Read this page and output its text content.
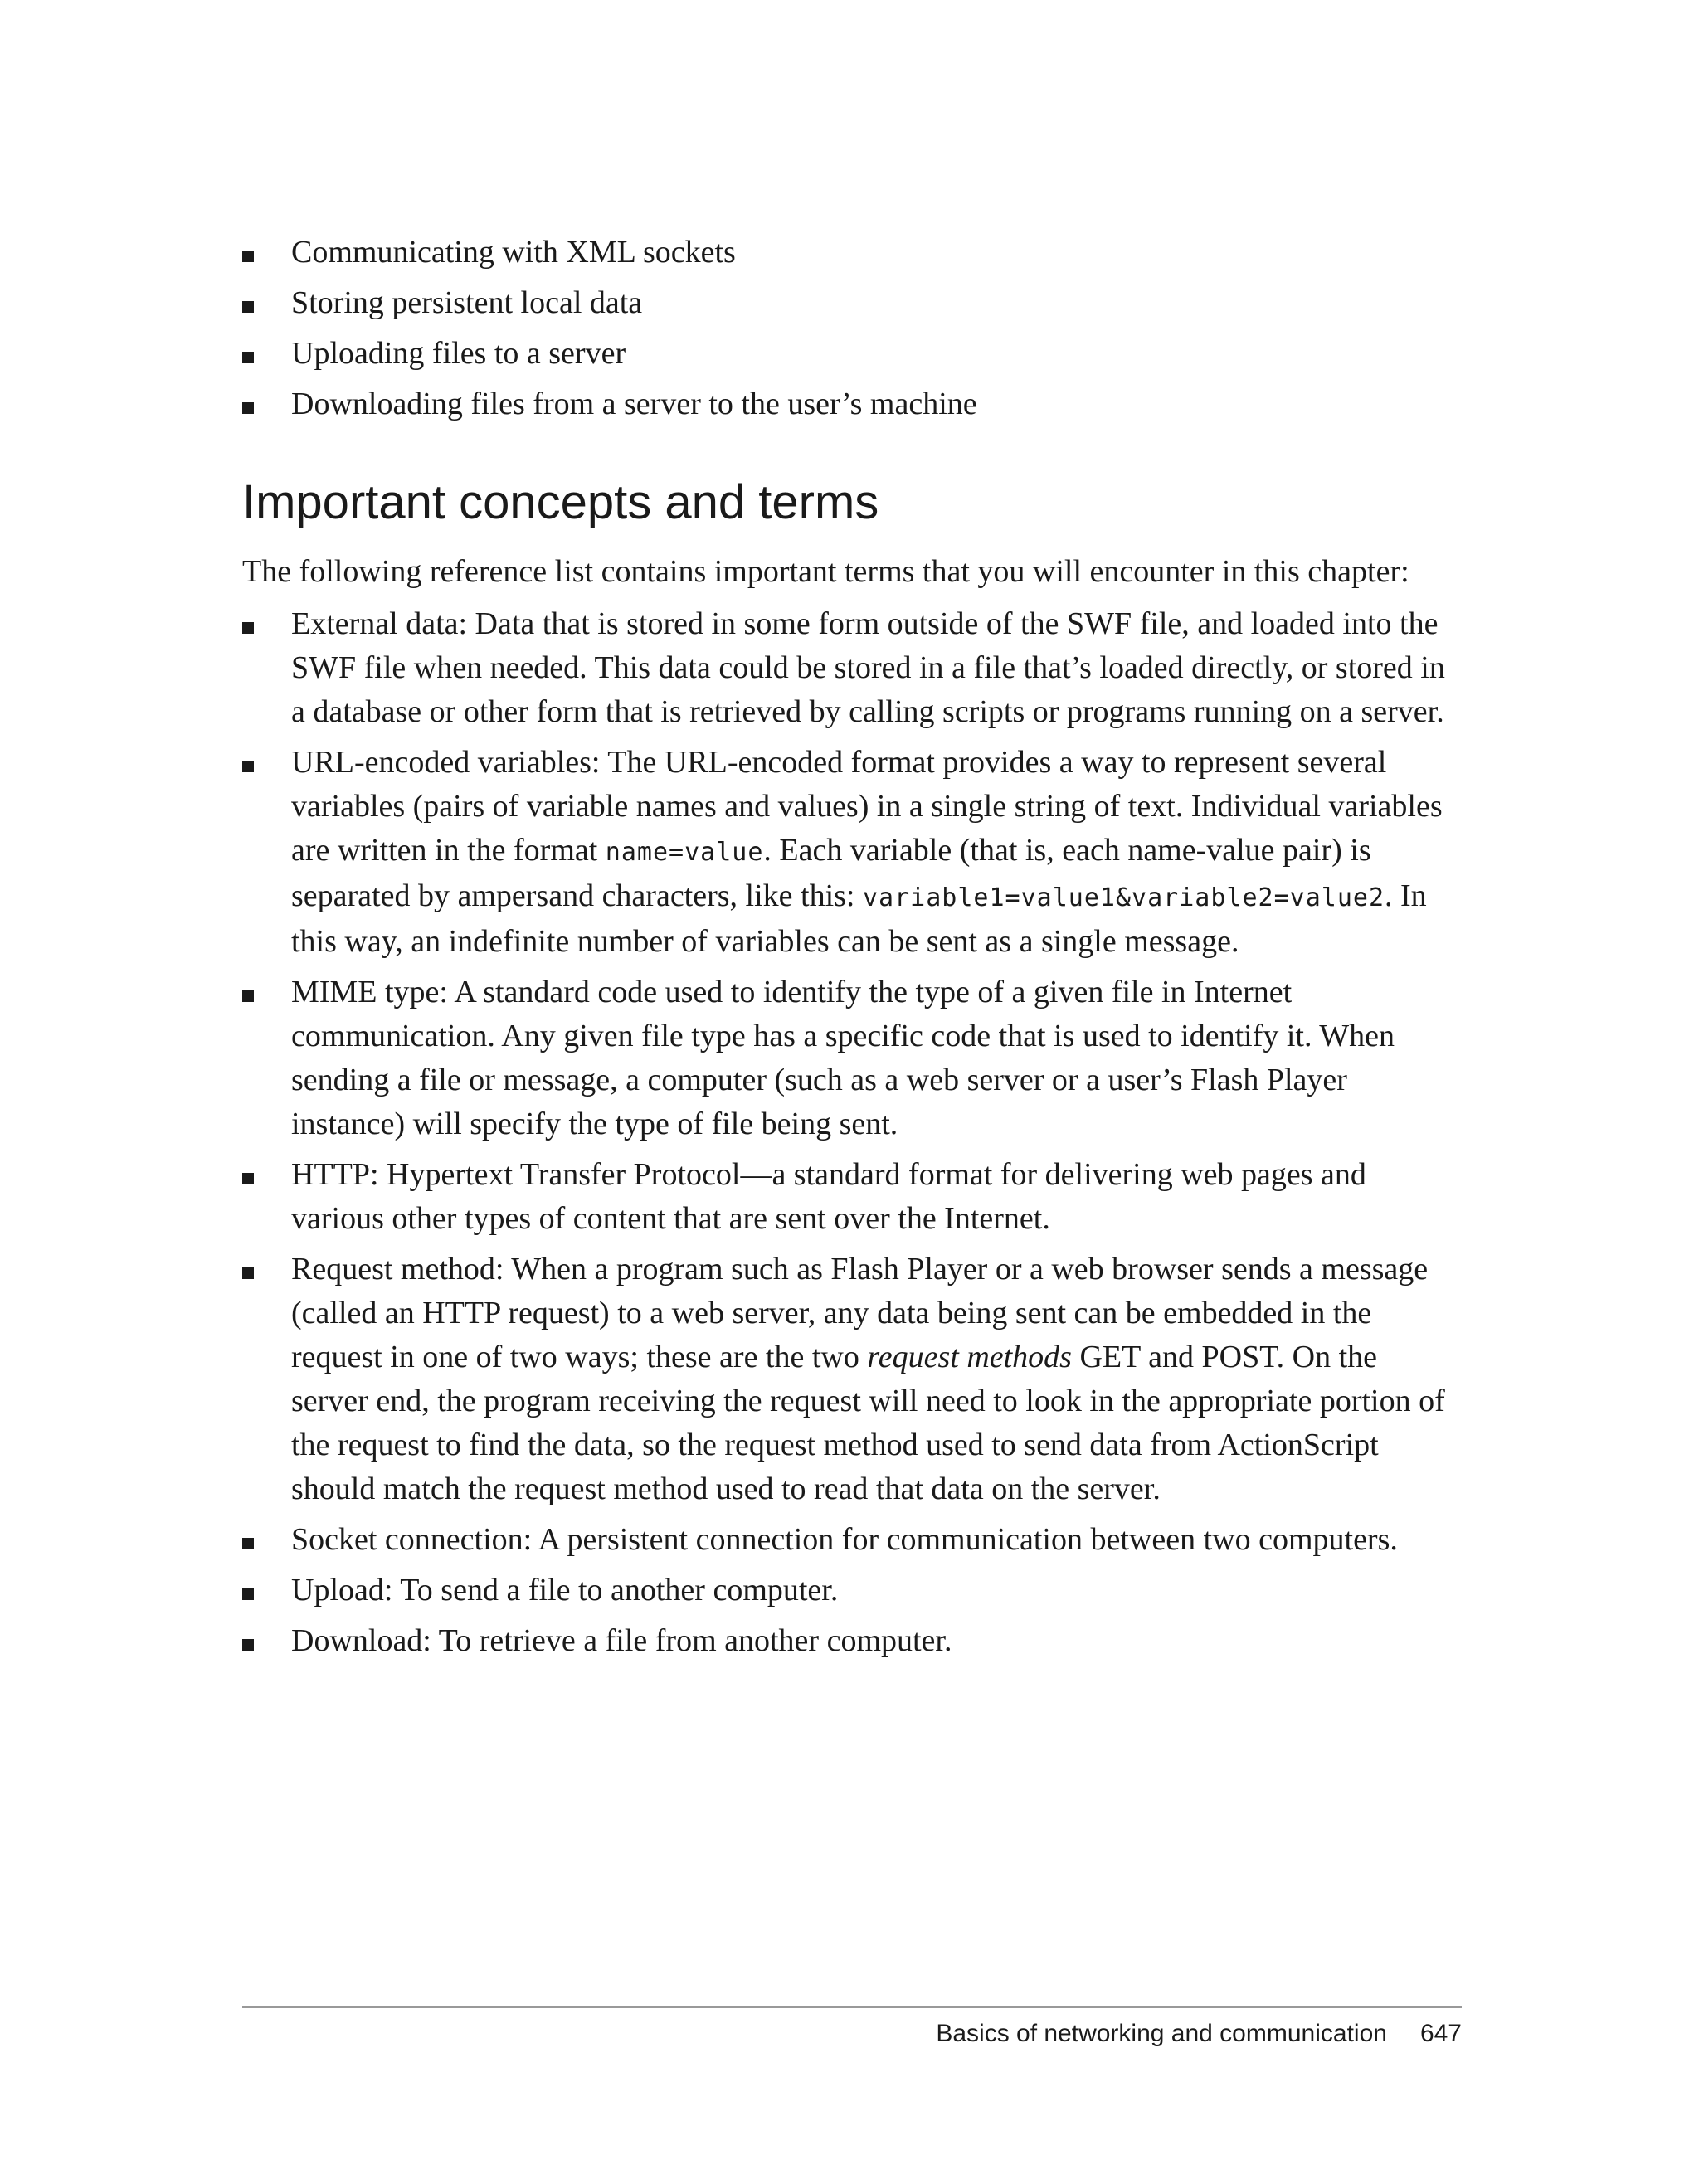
Communicating with XML sockets
Storing persistent local data
Uploading files to a server
Downloading files from a server to the user’s machine
Important concepts and terms

The following reference list contains important terms that you will encounter in this chapter:

External data: Data that is stored in some form outside of the SWF file, and loaded into the SWF file when needed. This data could be stored in a file that’s loaded directly, or stored in a database or other form that is retrieved by calling scripts or programs running on a server.
URL-encoded variables: The URL-encoded format provides a way to represent several variables (pairs of variable names and values) in a single string of text. Individual variables are written in the format name=value. Each variable (that is, each name-value pair) is separated by ampersand characters, like this: variable1=value1&variable2=value2. In this way, an indefinite number of variables can be sent as a single message.
MIME type: A standard code used to identify the type of a given file in Internet communication. Any given file type has a specific code that is used to identify it. When sending a file or message, a computer (such as a web server or a user’s Flash Player instance) will specify the type of file being sent.
HTTP: Hypertext Transfer Protocol—a standard format for delivering web pages and various other types of content that are sent over the Internet.
Request method: When a program such as Flash Player or a web browser sends a message (called an HTTP request) to a web server, any data being sent can be embedded in the request in one of two ways; these are the two request methods GET and POST. On the server end, the program receiving the request will need to look in the appropriate portion of the request to find the data, so the request method used to send data from ActionScript should match the request method used to read that data on the server.
Socket connection: A persistent connection for communication between two computers.
Upload: To send a file to another computer.
Download: To retrieve a file from another computer.
Basics of networking and communication 647
